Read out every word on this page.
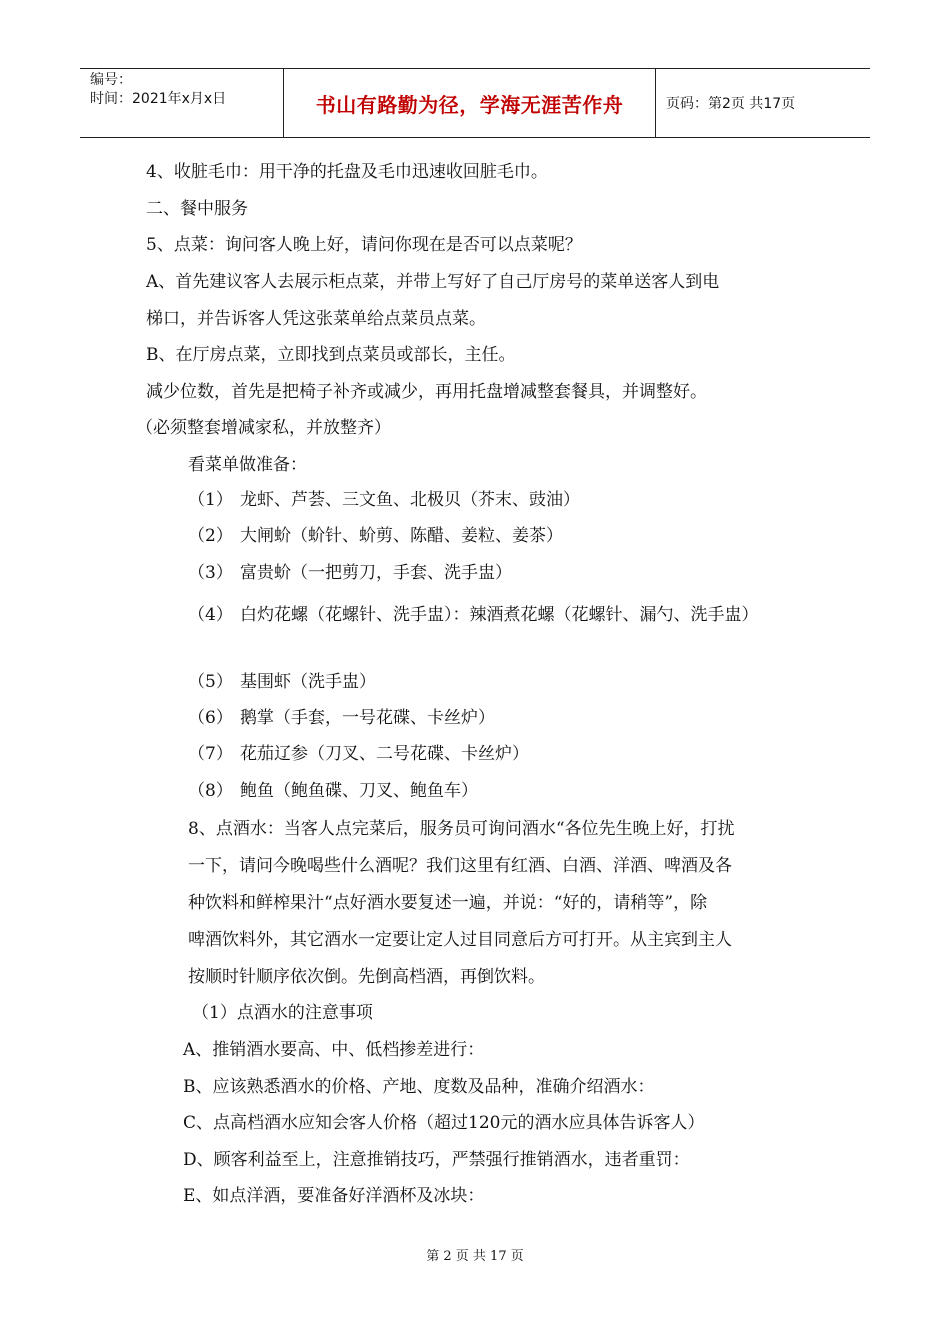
编号：
时间：2021年x月x日	书山有路勤为径，学海无涯苦作舟	页码：第2页 共17页
4、收脏毛巾：用干净的托盘及毛巾迅速收回脏毛巾。
二、餐中服务
5、点菜：询问客人晚上好，请问你现在是否可以点菜呢？
A、首先建议客人去展示柜点菜，并带上写好了自己厅房号的菜单送客人到电
梯口，并告诉客人凭这张菜单给点菜员点菜。
B、在厅房点菜，立即找到点菜员或部长，主任。
减少位数，首先是把椅子补齐或减少，再用托盘增减整套餐具，并调整好。
（必须整套增减家私，并放整齐）
看菜单做准备：
（1） 龙虾、芦荟、三文鱼、北极贝（芥末、豉油）
（2） 大闸蚧（蚧针、蚧剪、陈醋、姜粒、姜茶）
（3） 富贵蚧（一把剪刀，手套、洗手盅）
（4） 白灼花螺（花螺针、洗手盅）：辣酒煮花螺（花螺针、漏勺、洗手盅）
（5） 基围虾（洗手盅）
（6） 鹅掌（手套，一号花碟、卡丝炉）
（7） 花茄辽参（刀叉、二号花碟、卡丝炉）
（8） 鲍鱼（鲍鱼碟、刀叉、鲍鱼车）
8、点酒水：当客人点完菜后，服务员可询问酒水“各位先生晚上好，打扰
一下，请问今晚喝些什么酒呢？我们这里有红酒、白酒、洋酒、啤酒及各
种饮料和鲜榨果汁“点好酒水要复述一遍，并说：“好的，请稍等”，除
啤酒饮料外，其它酒水一定要让定人过目同意后方可打开。从主宾到主人
按顺时针顺序依次倒。先倒高档酒，再倒饮料。
（1）点酒水的注意事项
A、推销酒水要高、中、低档掺差进行：
B、应该熟悉酒水的价格、产地、度数及品种，准确介绍酒水：
C、点高档酒水应知会客人价格（超过120元的酒水应具体告诉客人）
D、顾客利益至上，注意推销技巧，严禁强行推销酒水，违者重罚：
E、如点洋酒，要准备好洋酒杯及冰块：
第 2 页 共 17 页
